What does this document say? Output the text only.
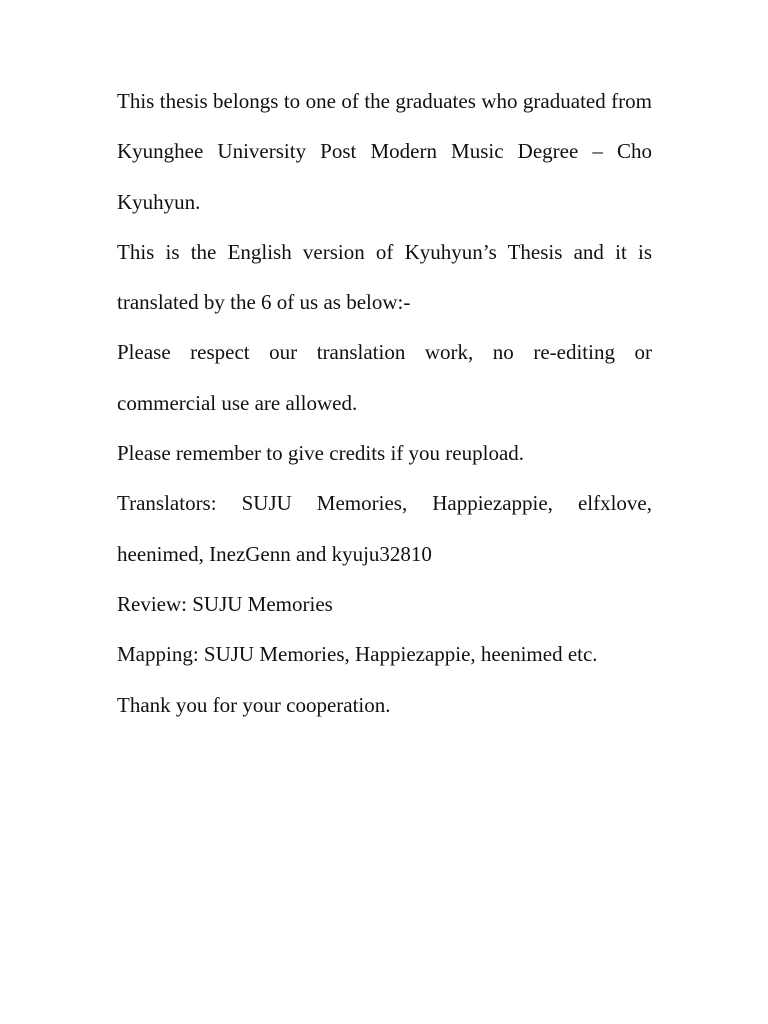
This thesis belongs to one of the graduates who graduated from Kyunghee University Post Modern Music Degree – Cho Kyuhyun.

This is the English version of Kyuhyun’s Thesis and it is translated by the 6 of us as below:-

Please respect our translation work, no re-editing or commercial use are allowed.

Please remember to give credits if you reupload.

Translators: SUJU Memories, Happiezappie, elfxlove, heenimed, InezGenn and kyuju32810

Review: SUJU Memories

Mapping: SUJU Memories, Happiezappie, heenimed etc.

Thank you for your cooperation.
